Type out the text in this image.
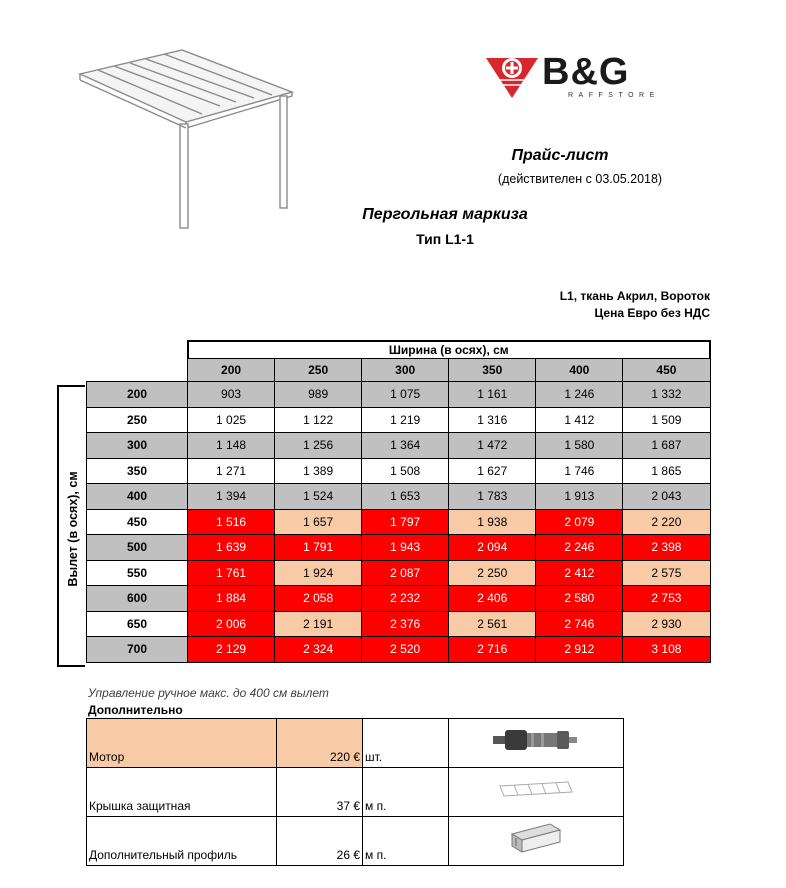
B&G
RAFFSTORE
Прайс-лист
(действителен с 03.05.2018)
Пергольная маркиза
Тип L1-1
L1, ткань Акрил, Вороток
Цена Евро без НДС
Вылет (в осях), см
	Ширина (в осях), см					
	200	250	300	350	400	450
200	903	989	1 075	1 161	1 246	1 332
250	1 025	1 122	1 219	1 316	1 412	1 509
300	1 148	1 256	1 364	1 472	1 580	1 687
350	1 271	1 389	1 508	1 627	1 746	1 865
400	1 394	1 524	1 653	1 783	1 913	2 043
450	1 516	1 657	1 797	1 938	2 079	2 220
500	1 639	1 791	1 943	2 094	2 246	2 398
550	1 761	1 924	2 087	2 250	2 412	2 575
600	1 884	2 058	2 232	2 406	2 580	2 753
650	2 006	2 191	2 376	2 561	2 746	2 930
700	2 129	2 324	2 520	2 716	2 912	3 108
Управление ручное макс. до 400 см вылет
Дополнительно
Мотор	220 €	шт.	
Крышка защитная	37 €	м п.	
Дополнительный профиль	26 €	м п.	
